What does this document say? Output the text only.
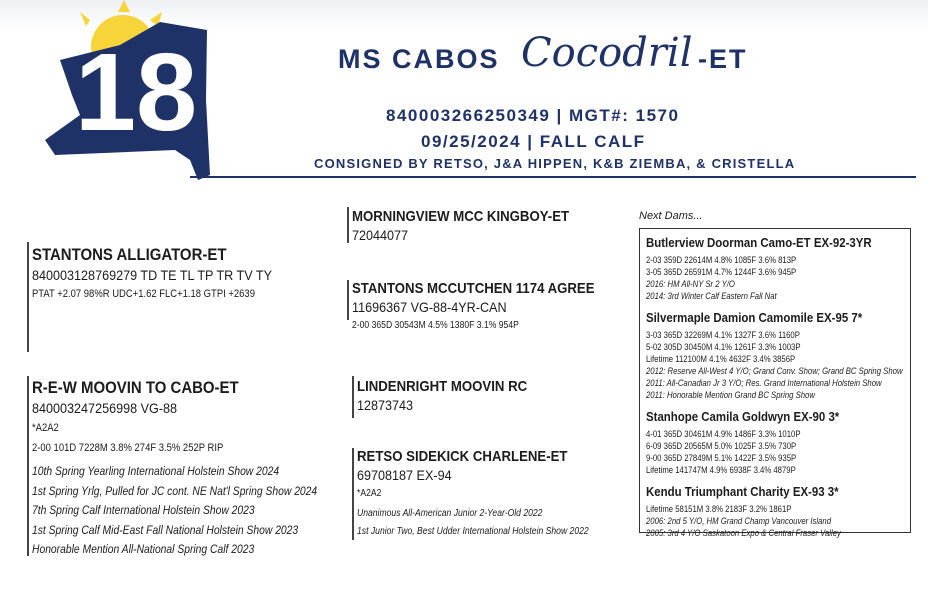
18	MS CABOS Cocodril -ET
840003266250349 | MGT#: 1570
09/25/2024 | FALL CALF
CONSIGNED BY RETSO, J&A HIPPEN, K&B ZIEMBA, & CRISTELLA
STANTONS ALLIGATOR-ET
840003128769279 TD TE TL TP TR TV TY
PTAT +2.07 98%R UDC+1.62 FLC+1.18 GTPI +2639
R-E-W MOOVIN TO CABO-ET
840003247256998 VG-88
*A2A2
2-00 101D 7228M 3.8% 274F 3.5% 252P RIP
10th Spring Yearling International Holstein Show 2024
1st Spring Yrlg, Pulled for JC cont. NE Nat'l Spring Show 2024
7th Spring Calf International Holstein Show 2023
1st Spring Calf Mid-East Fall National Holstein Show 2023
Honorable Mention All-National Spring Calf 2023
MORNINGVIEW MCC KINGBOY-ET
72044077
STANTONS MCCUTCHEN 1174 AGREE
11696367 VG-88-4YR-CAN
2-00 365D 30543M 4.5% 1380F 3.1% 954P
LINDENRIGHT MOOVIN RC
12873743
RETSO SIDEKICK CHARLENE-ET
69708187 EX-94
*A2A2
Unanimous All-American Junior 2-Year-Old 2022
1st Junior Two, Best Udder International Holstein Show 2022
Next Dams...
Butlerview Doorman Camo-ET EX-92-3YR
2-03 359D 22614M 4.8% 1085F 3.6% 813P
3-05 365D 26591M 4.7% 1244F 3.6% 945P
2016: HM All-NY Sr 2 Y/O
2014: 3rd Winter Calf Eastern Fall Nat
Silvermaple Damion Camomile EX-95 7*
3-03 365D 32269M 4.1% 1327F 3.6% 1160P
5-02 305D 30450M 4.1% 1261F 3.3% 1003P
Lifetime 112100M 4.1% 4632F 3.4% 3856P
2012: Reserve All-West 4 Y/O; Grand Conv. Show; Grand BC Spring Show
2011: All-Canadian Jr 3 Y/O; Res. Grand International Holstein Show
2011: Honorable Mention Grand BC Spring Show
Stanhope Camila Goldwyn EX-90 3*
4-01 365D 30461M 4.9% 1486F 3.3% 1010P
6-09 365D 20565M 5.0% 1025F 3.5% 730P
9-00 365D 27849M 5.1% 1422F 3.5% 935P
Lifetime 141747M 4.9% 6938F 3.4% 4879P
Kendu Triumphant Charity EX-93 3*
Lifetime 58151M 3.8% 2183F 3.2% 1861P
2006: 2nd 5 Y/O, HM Grand Champ Vancouver Island
2005: 3rd 4 Y/O Saskatoon Expo & Central Fraser Valley
